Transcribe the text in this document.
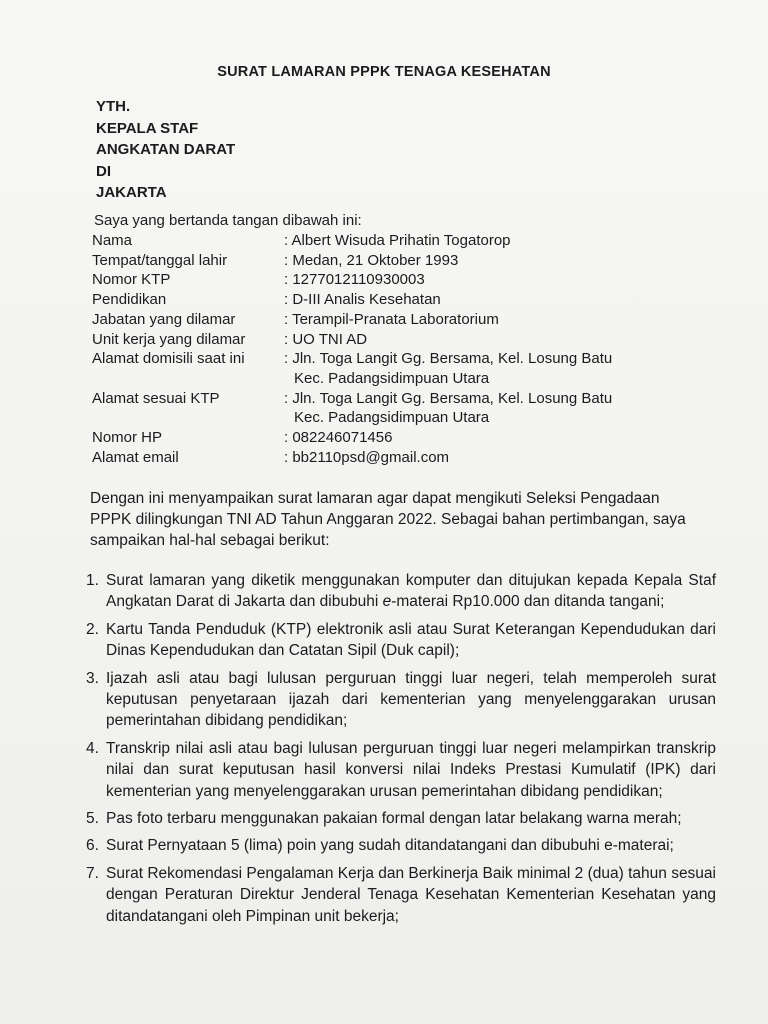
SURAT LAMARAN PPPK TENAGA KESEHATAN
YTH.
KEPALA STAF
ANGKATAN DARAT
DI
JAKARTA
Saya yang bertanda tangan dibawah ini:
Nama	: Albert Wisuda Prihatin Togatorop
Tempat/tanggal lahir	: Medan, 21 Oktober 1993
Nomor KTP	: 1277012110930003
Pendidikan	: D-III Analis Kesehatan
Jabatan yang dilamar	: Terampil-Pranata Laboratorium
Unit kerja yang dilamar	: UO TNI AD
Alamat domisili saat ini	: Jln. Toga Langit Gg. Bersama, Kel. Losung Batu
Kec. Padangsidimpuan Utara
Alamat sesuai KTP	: Jln. Toga Langit Gg. Bersama, Kel. Losung Batu
Kec. Padangsidimpuan Utara
Nomor HP	: 082246071456
Alamat email	: bb2110psd@gmail.com
Dengan ini menyampaikan surat lamaran agar dapat mengikuti Seleksi Pengadaan PPPK dilingkungan TNI AD Tahun Anggaran 2022. Sebagai bahan pertimbangan, saya sampaikan hal-hal sebagai berikut:
1. Surat lamaran yang diketik menggunakan komputer dan ditujukan kepada Kepala Staf Angkatan Darat di Jakarta dan dibubuhi e-materai Rp10.000 dan ditanda tangani;
2. Kartu Tanda Penduduk (KTP) elektronik asli atau Surat Keterangan Kependudukan dari Dinas Kependudukan dan Catatan Sipil (Duk capil);
3. Ijazah asli atau bagi lulusan perguruan tinggi luar negeri, telah memperoleh surat keputusan penyetaraan ijazah dari kementerian yang menyelenggarakan urusan pemerintahan dibidang pendidikan;
4. Transkrip nilai asli atau bagi lulusan perguruan tinggi luar negeri melampirkan transkrip nilai dan surat keputusan hasil konversi nilai Indeks Prestasi Kumulatif (IPK) dari kementerian yang menyelenggarakan urusan pemerintahan dibidang pendidikan;
5. Pas foto terbaru menggunakan pakaian formal dengan latar belakang warna merah;
6. Surat Pernyataan 5 (lima) poin yang sudah ditandatangani dan dibubuhi e-materai;
7. Surat Rekomendasi Pengalaman Kerja dan Berkinerja Baik minimal 2 (dua) tahun sesuai dengan Peraturan Direktur Jenderal Tenaga Kesehatan Kementerian Kesehatan yang ditandatangani oleh Pimpinan unit bekerja;
